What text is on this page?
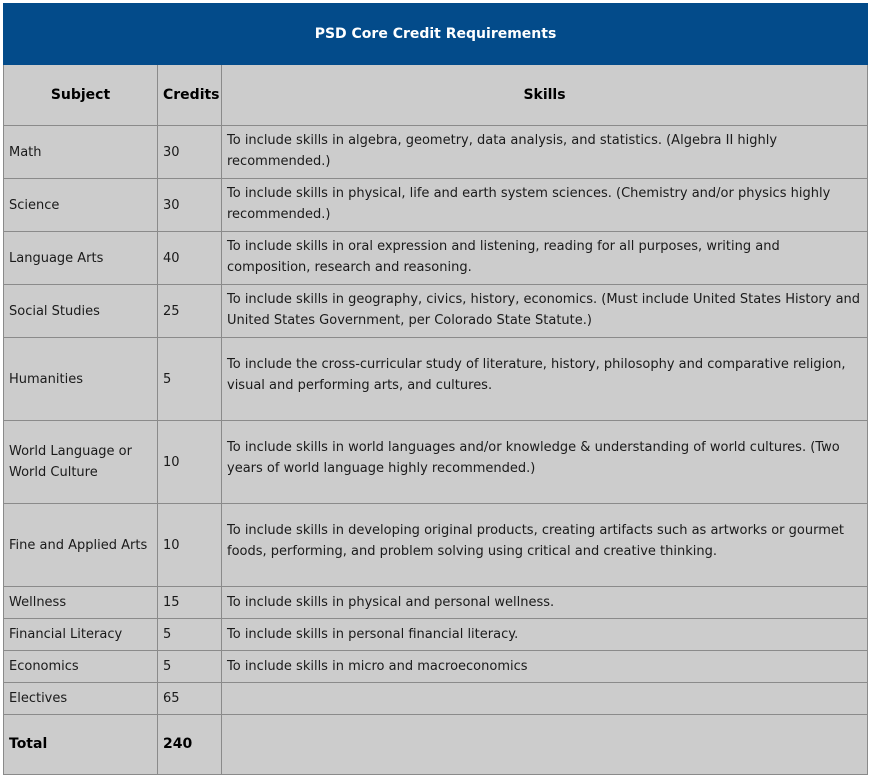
PSD Core Credit Requirements		
Subject	Credits	Skills
Math	30	To include skills in algebra, geometry, data analysis, and statistics. (Algebra II highly recommended.)
Science	30	To include skills in physical, life and earth system sciences. (Chemistry and/or physics highly recommended.)
Language Arts	40	To include skills in oral expression and listening, reading for all purposes, writing and composition, research and reasoning.
Social Studies	25	To include skills in geography, civics, history, economics. (Must include United States History and United States Government, per Colorado State Statute.)
Humanities	5	To include the cross-curricular study of literature, history, philosophy and comparative religion, visual and performing arts, and cultures.
World Language or World Culture	10	To include skills in world languages and/or knowledge & understanding of world cultures. (Two years of world language highly recommended.)
Fine and Applied Arts	10	To include skills in developing original products, creating artifacts such as artworks or gourmet foods, performing, and problem solving using critical and creative thinking.
Wellness	15	To include skills in physical and personal wellness.
Financial Literacy	5	To include skills in personal financial literacy.
Economics	5	To include skills in micro and macroeconomics
Electives	65	
Total	240	
